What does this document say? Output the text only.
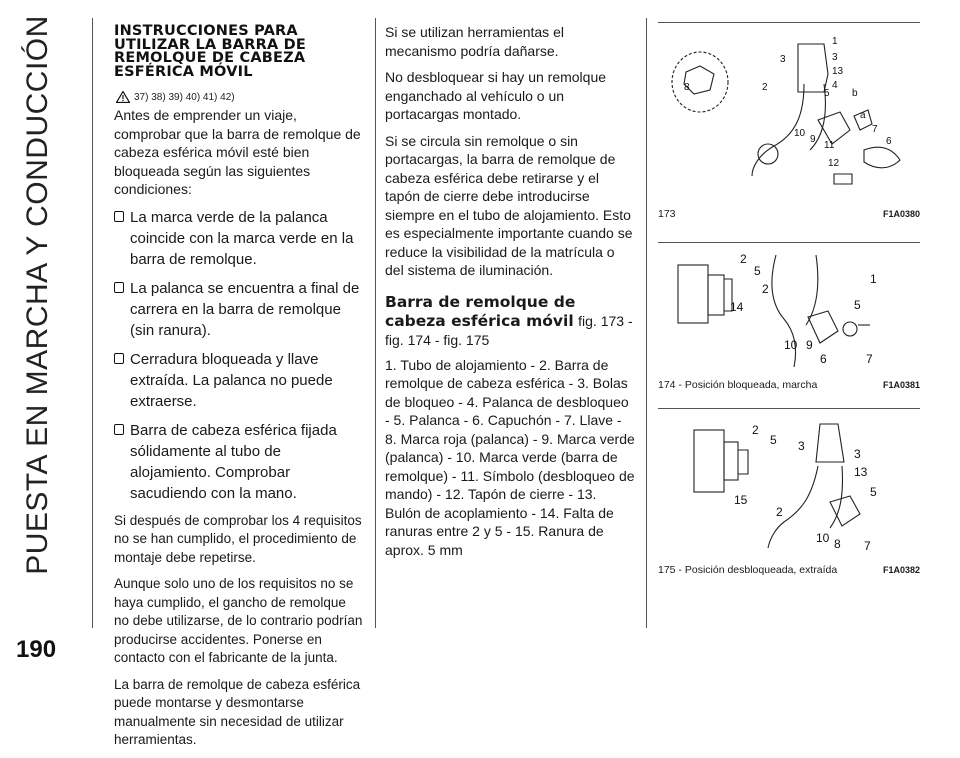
PUESTA EN MARCHA Y CONDUCCIÓN	INSTRUCCIONES PARA UTILIZAR LA BARRA DE REMOLQUE DE CABEZA ESFÉRICA MÓVIL
37) 38) 39) 40) 41) 42)

Antes de emprender un viaje, comprobar que la barra de remolque de cabeza esférica móvil esté bien bloqueada según las siguientes condiciones:

La marca verde de la palanca coincide con la marca verde en la barra de remolque.
La palanca se encuentra a final de carrera en la barra de remolque (sin ranura).
Cerradura bloqueada y llave extraída. La palanca no puede extraerse.
Barra de cabeza esférica fijada sólidamente al tubo de alojamiento. Comprobar sacudiendo con la mano.

Si después de comprobar los 4 requisitos no se han cumplido, el procedimiento de montaje debe repetirse.

Aunque solo uno de los requisitos no se haya cumplido, el gancho de remolque no debe utilizarse, de lo contrario podrían producirse accidentes. Ponerse en contacto con el fabricante de la junta.

La barra de remolque de cabeza esférica puede montarse y desmontarse manualmente sin necesidad de utilizar herramientas.

Si se utilizan herramientas el mecanismo podría dañarse.

No desbloquear si hay un remolque enganchado al vehículo o un portacargas montado.

Si se circula sin remolque o sin portacargas, la barra de remolque de cabeza esférica debe retirarse y el tapón de cierre debe introducirse siempre en el tubo de alojamiento. Esto es especialmente importante cuando se reduce la visibilidad de la matrícula o del sistema de iluminación.

Barra de remolque de cabeza esférica móvil fig. 173 - fig. 174 - fig. 175

1. Tubo de alojamiento - 2. Barra de remolque de cabeza esférica - 3. Bolas de bloqueo - 4. Palanca de desbloqueo - 5. Palanca - 6. Capuchón - 7. Llave - 8. Marca roja (palanca) - 9. Marca verde (palanca) - 10. Marca verde (barra de remolque) - 11. Símbolo (desbloqueo de mando) - 12. Tapón de cierre - 13. Bulón de acoplamiento - 14. Falta de ranuras entre 2 y 5 - 15. Ranura de aprox. 5 mm

1
3
13
4
5
3
8	2
b
a
7
6
10
9
11
12
173	F1A0380
2
5
1
2
14	5
10 9
6	7
174 - Posición bloqueada, marcha	F1A0381
2
5 3
3
13
15
5
2
10 8 7
175 - Posición desbloqueada, extraída	F1A0382
190
